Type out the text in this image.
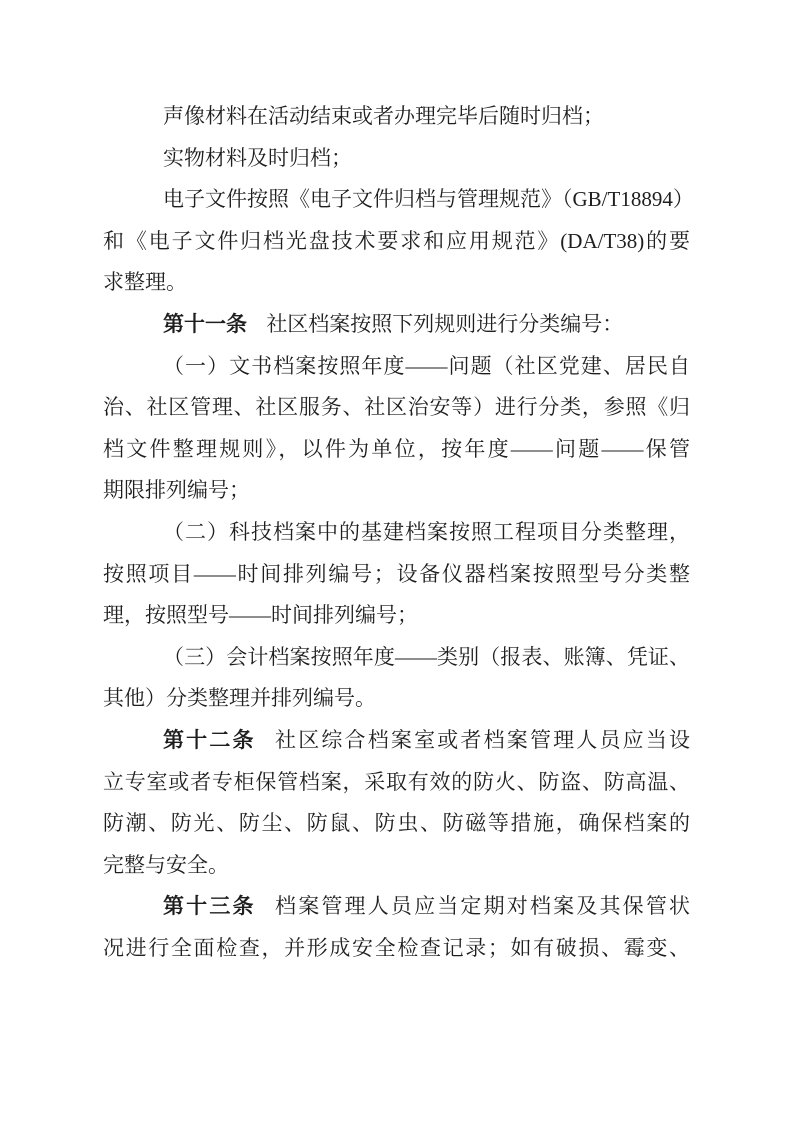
声像材料在活动结束或者办理完毕后随时归档；

实物材料及时归档；

电子文件按照《电子文件归档与管理规范》（GB/T18894）
和《电子文件归档光盘技术要求和应用规范》(DA/T38)的要
求整理。

第十一条 社区档案按照下列规则进行分类编号：

（一）文书档案按照年度——问题（社区党建、居民自
治、社区管理、社区服务、社区治安等）进行分类，参照《归
档文件整理规则》，以件为单位，按年度——问题——保管
期限排列编号；

（二）科技档案中的基建档案按照工程项目分类整理，
按照项目——时间排列编号；设备仪器档案按照型号分类整
理，按照型号——时间排列编号；

（三）会计档案按照年度——类别（报表、账簿、凭证、
其他）分类整理并排列编号。

第十二条 社区综合档案室或者档案管理人员应当设
立专室或者专柜保管档案，采取有效的防火、防盗、防高温、
防潮、防光、防尘、防鼠、防虫、防磁等措施，确保档案的
完整与安全。

第十三条 档案管理人员应当定期对档案及其保管状
况进行全面检查，并形成安全检查记录；如有破损、霉变、
